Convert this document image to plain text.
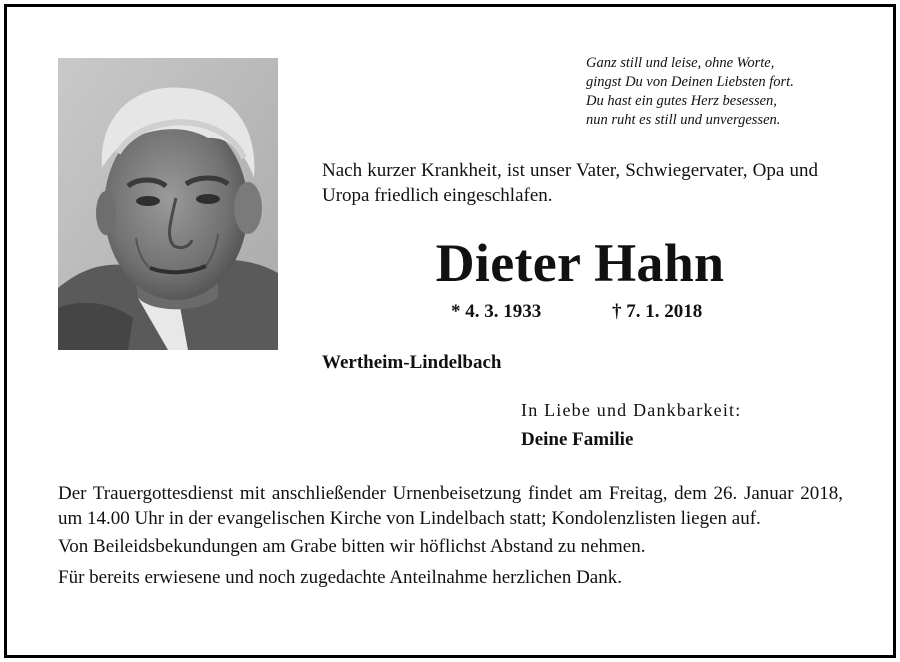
Ganz still und leise, ohne Worte,
gingst Du von Deinen Liebsten fort.
Du hast ein gutes Herz besessen,
nun ruht es still und unvergessen.
Nach kurzer Krankheit, ist unser Vater, Schwiegervater, Opa und Uropa friedlich eingeschlafen.
Dieter Hahn
* 4. 3. 1933	† 7. 1. 2018
Wertheim-Lindelbach
In Liebe und Dankbarkeit:
Deine Familie
Der Trauergottesdienst mit anschließender Urnenbeisetzung findet am Freitag, dem 26. Januar 2018, um 14.00 Uhr in der evangelischen Kirche von Lindelbach statt; Kondolenzlisten liegen auf.
Von Beileidsbekundungen am Grabe bitten wir höflichst Abstand zu nehmen.
Für bereits erwiesene und noch zugedachte Anteilnahme herzlichen Dank.
